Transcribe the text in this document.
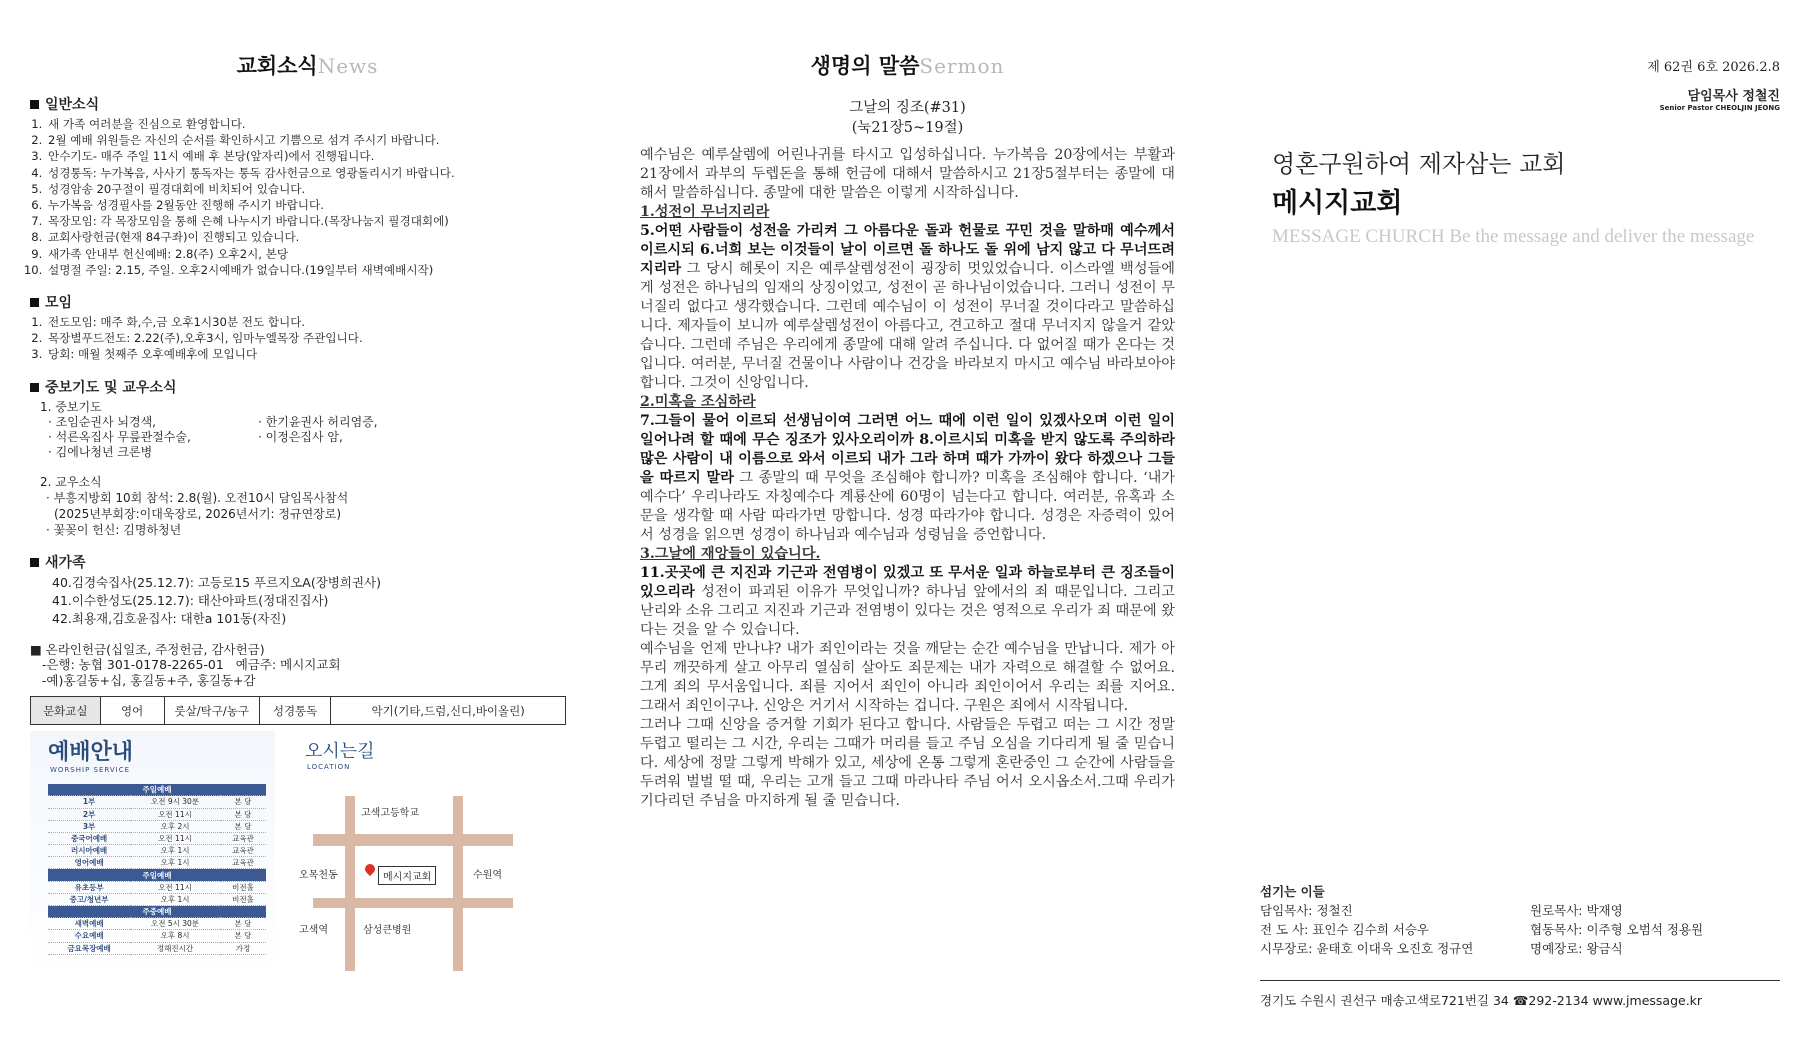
교회소식News
일반소식
1. 새 가족 여러분을 진심으로 환영합니다.
2. 2월 예배 위원들은 자신의 순서를 확인하시고 기쁨으로 섬겨 주시기 바랍니다.
3. 안수기도- 매주 주일 11시 예배 후 본당(앞자리)에서 진행됩니다.
4. 성경통독: 누가복음, 사사기 통독자는 통독 감사헌금으로 영광돌리시기 바랍니다.
5. 성경암송 20구절이 필경대회에 비치되어 있습니다.
6. 누가복음 성경필사를 2월동안 진행해 주시기 바랍니다.
7. 목장모임: 각 목장모임을 통해 은혜 나누시기 바랍니다.(목장나눔지 필경대회에)
8. 교회사랑헌금(현재 84구좌)이 진행되고 있습니다.
9. 새가족 안내부 헌신예배: 2.8(주) 오후2시, 본당
10. 설명절 주일: 2.15, 주일. 오후2시예배가 없습니다.(19일부터 새벽예배시작)
모임
1. 전도모임: 매주 화,수,금 오후1시30분 전도 합니다.
2. 목장별푸드전도: 2.22(주),오후3시, 임마누엘목장 주관입니다.
3. 당회: 매월 첫째주 오후예배후에 모입니다
중보기도 및 교우소식
1. 중보기도
· 조임순권사 뇌경색,	· 한기윤권사 허리염증,
· 석른옥집사 무릎관절수술,	· 이정은집사 암,
· 김에나청년 크론병
2. 교우소식
· 부흥지방회 10회 참석: 2.8(월). 오전10시 담임목사참석
(2025년부회장:이대욱장로, 2026년서기: 정규연장로)
· 꽃꽂이 헌신: 김명하청년
새가족
40.김경숙집사(25.12.7): 고등로15 푸르지오A(장병희권사)
41.이수한성도(25.12.7): 태산아파트(정대진집사)
42.최용재,김호윤집사: 대한a 101동(자진)
■ 온라인헌금(십일조, 주정헌금, 감사헌금)
-은행: 농협 301-0178-2265-01   예금주: 메시지교회
-예)홍길동+십, 홍길동+주, 홍길동+감
문화교실	영어	룻살/탁구/농구	성경통독	악기(기타,드럼,신디,바이올린)
예배안내
WORSHIP SERVICE
주일예배		
1부	오전 9시 30분	본 당
2부	오전 11시	본 당
3부	오후 2시	본 당
중국어예배	오전 11시	교육관
러시아예배	오후 1시	교육관
영어예배	오후 1시	교육관
주일예배		
유초등부	오전 11시	비전홀
중고/청년부	오후 1시	비전홀
주중예배		
새벽예배	오전 5시 30분	본 당
수요예배	오후 8시	본 당
금요목장예배	정해진시간	가정
오시는길
LOCATION
고색고등학교
메시지교회
오목천동	수원역
고색역	삼성큰병원
생명의 말씀Sermon
그날의 징조(#31)
(눅21장5~19절)

예수님은 예루살렘에 어린나귀를 타시고 입성하십니다. 누가복음 20장에서는 부활과 21장에서 과부의 두렙돈을 통해 헌금에 대해서 말씀하시고 21장5절부터는 종말에 대해서 말씀하십니다. 종말에 대한 말씀은 이렇게 시작하십니다.

1.성전이 무너지리라

5.어떤 사람들이 성전을 가리켜 그 아름다운 돌과 헌물로 꾸민 것을 말하매 예수께서 이르시되 6.너희 보는 이것들이 날이 이르면 돌 하나도 돌 위에 남지 않고 다 무너뜨려지리라 그 당시 헤롯이 지은 예루살렘성전이 굉장히 멋있었습니다. 이스라엘 백성들에게 성전은 하나님의 임재의 상징이었고, 성전이 곧 하나님이었습니다. 그러니 성전이 무너질리 없다고 생각했습니다. 그런데 예수님이 이 성전이 무너질 것이다라고 말씀하십니다. 제자들이 보니까 예루살렘성전이 아름다고, 견고하고 절대 무너지지 않을거 같았습니다. 그런데 주님은 우리에게 종말에 대해 알려 주십니다. 다 없어질 때가 온다는 것입니다. 여러분, 무너질 건물이나 사람이나 건강을 바라보지 마시고 예수님 바라보아야 합니다. 그것이 신앙입니다.

2.미혹을 조심하라

7.그들이 물어 이르되 선생님이여 그러면 어느 때에 이런 일이 있겠사오며 이런 일이 일어나려 할 때에 무슨 징조가 있사오리이까 8.이르시되 미혹을 받지 않도록 주의하라 많은 사람이 내 이름으로 와서 이르되 내가 그라 하며 때가 가까이 왔다 하겠으나 그들을 따르지 말라 그 종말의 때 무엇을 조심해야 합니까? 미혹을 조심해야 합니다. ‘내가 예수다’ 우리나라도 자칭예수다 계룡산에 60명이 넘는다고 합니다. 여러분, 유혹과 소문을 생각할 때 사람 따라가면 망합니다. 성경 따라가야 합니다. 성경은 자증력이 있어서 성경을 읽으면 성경이 하나님과 예수님과 성령님을 증언합니다.

3.그날에 재앙들이 있습니다.

11.곳곳에 큰 지진과 기근과 전염병이 있겠고 또 무서운 일과 하늘로부터 큰 징조들이 있으리라 성전이 파괴된 이유가 무엇입니까? 하나님 앞에서의 죄 때문입니다. 그리고 난리와 소유 그리고 지진과 기근과 전염병이 있다는 것은 영적으로 우리가 죄 때문에 왔다는 것을 알 수 있습니다.

예수님을 언제 만나냐? 내가 죄인이라는 것을 깨닫는 순간 예수님을 만납니다. 제가 아무리 깨끗하게 살고 아무리 열심히 살아도 죄문제는 내가 자력으로 해결할 수 없어요. 그게 죄의 무서움입니다. 죄를 지어서 죄인이 아니라 죄인이어서 우리는 죄를 지어요. 그래서 죄인이구나. 신앙은 거기서 시작하는 겁니다. 구원은 죄에서 시작됩니다.

그러나 그때 신앙을 증거할 기회가 된다고 합니다. 사람들은 두렵고 떠는 그 시간 정말 두렵고 떨리는 그 시간, 우리는 그때가 머리를 들고 주님 오심을 기다리게 될 줄 믿습니다. 세상에 정말 그렇게 박해가 있고, 세상에 온통 그렇게 혼란중인 그 순간에 사람들을 두려워 벌벌 떨 때, 우리는 고개 들고 그때 마라나타 주님 어서 오시옵소서.그때 우리가 기다리던 주님을 마지하게 될 줄 믿습니다.

제 62권 6호 2026.2.8
담임목사 정철진
Senior Pastor CHEOLJIN JEONG
영혼구원하여 제자삼는 교회
메시지교회
MESSAGE CHURCH Be the message and deliver the message
섬기는 이들
담임목사: 정철진	원로목사: 박재영
전 도 사: 표인수 김수희 서승우	협동목사: 이주형 오범석 정용원
시무장로: 윤태호 이대욱 오진호 정규연	명예장로: 왕금식
경기도 수원시 권선구 매송고색로721번길 34 ☎292-2134 www.jmessage.kr
